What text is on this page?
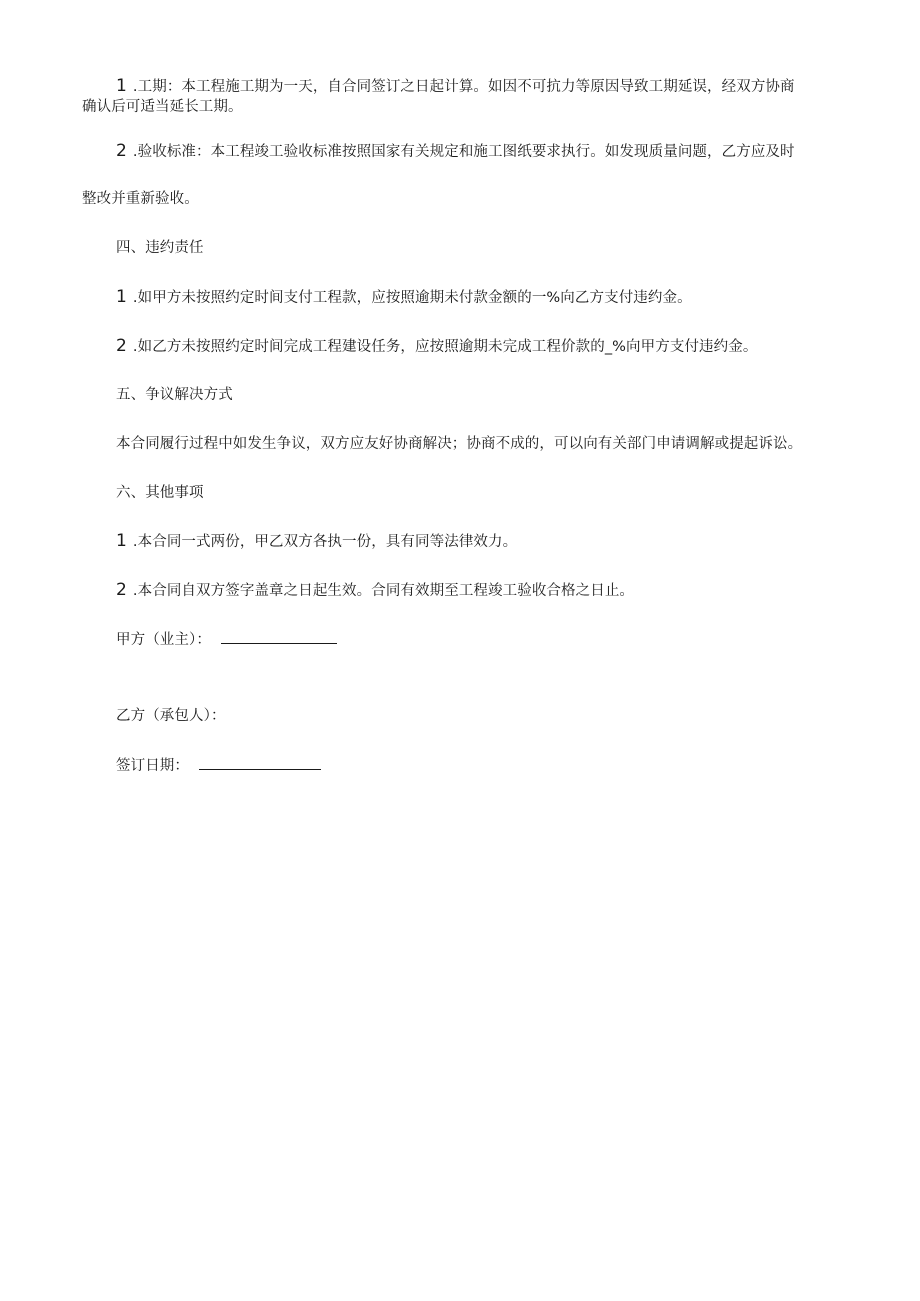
1 .工期：本工程施工期为一天，自合同签订之日起计算。如因不可抗力等原因导致工期延误，经双方协商
确认后可适当延长工期。
2 .验收标准：本工程竣工验收标准按照国家有关规定和施工图纸要求执行。如发现质量问题，乙方应及时
整改并重新验收。
四、违约责任
1 .如甲方未按照约定时间支付工程款，应按照逾期未付款金额的一%向乙方支付违约金。
2 .如乙方未按照约定时间完成工程建设任务，应按照逾期未完成工程价款的_%向甲方支付违约金。
五、争议解决方式
本合同履行过程中如发生争议，双方应友好协商解决；协商不成的，可以向有关部门申请调解或提起诉讼。
六、其他事项
1 .本合同一式两份，甲乙双方各执一份，具有同等法律效力。
2 .本合同自双方签字盖章之日起生效。合同有效期至工程竣工验收合格之日止。
甲方（业主）：
乙方（承包人）：
签订日期：
